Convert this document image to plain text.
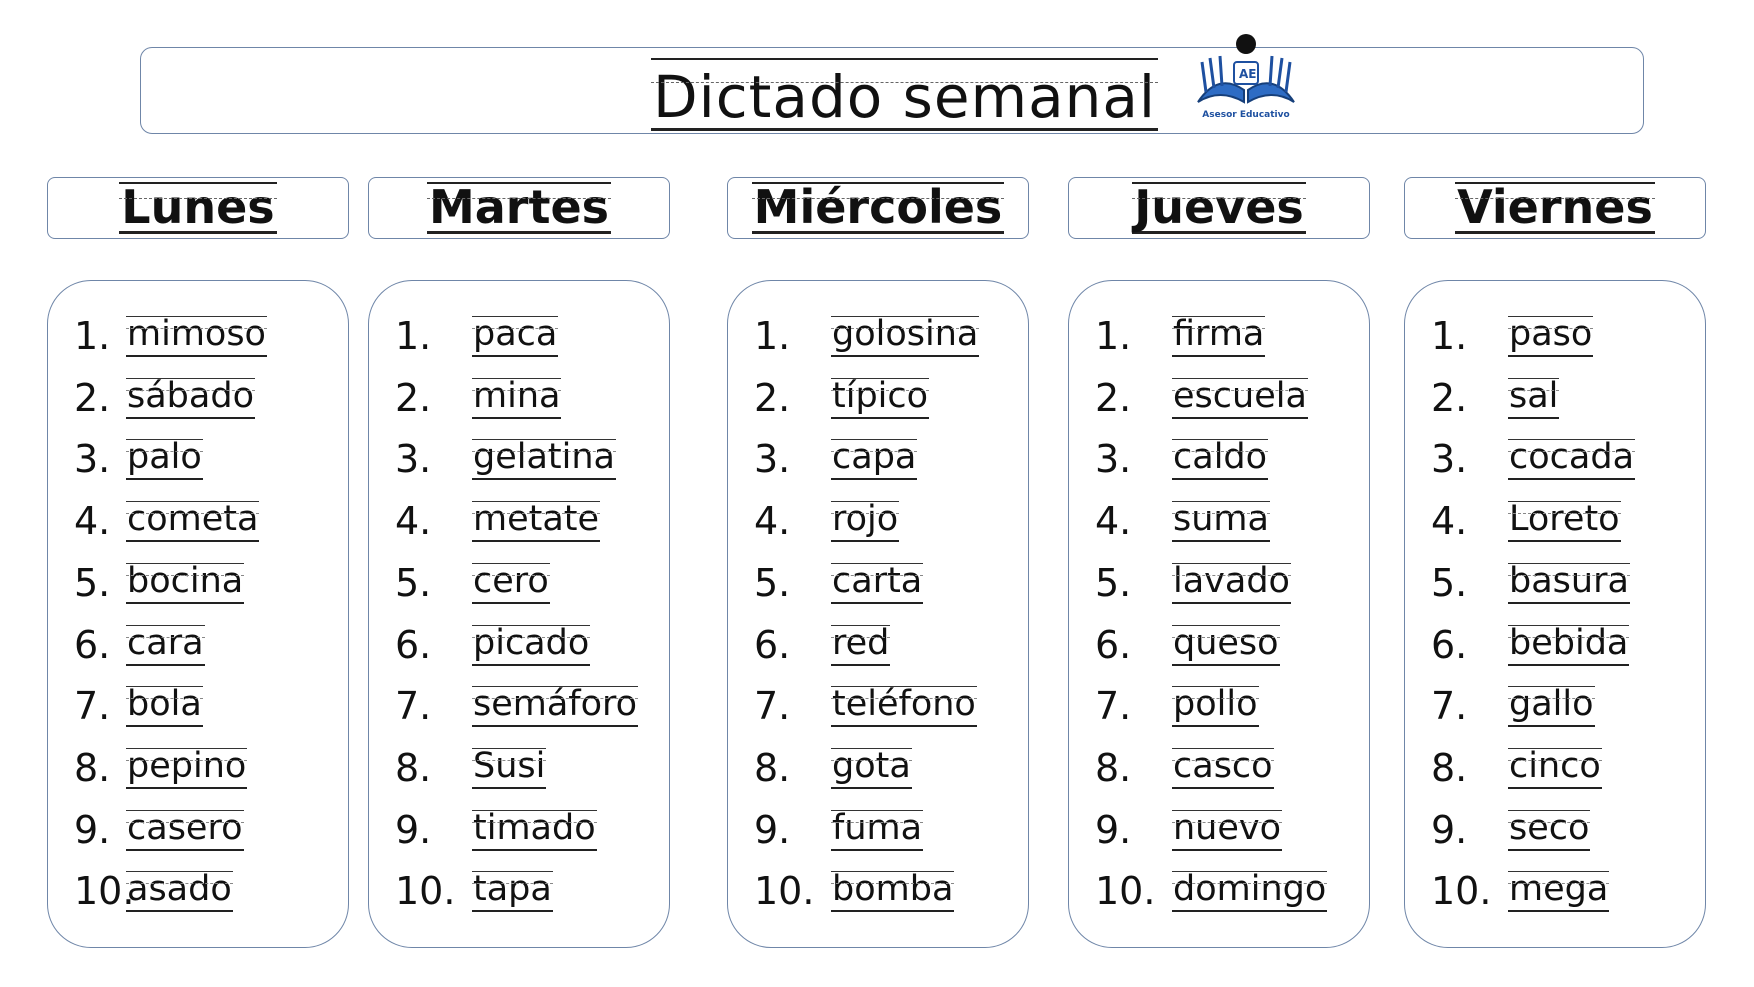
Dictado semanal	AE
Asesor Educativo
Lunes
1. mimoso
2. sábado
3. palo
4. cometa
5. bocina
6. cara
7. bola
8. pepino
9. casero
10.
asado
Martes
1. paca
2. mina
3. gelatina
4. metate
5. cero
6. picado
7. semáforo
8. Susi
9. timado
10. tapa
Miércoles
1. golosina
2. típico
3. capa
4. rojo
5. carta
6. red
7. teléfono
8. gota
9. fuma
10. bomba
Jueves
1. firma
2. escuela
3. caldo
4. suma
5. lavado
6. queso
7. pollo
8. casco
9. nuevo
10. domingo
Viernes
1. paso
2. sal
3. cocada
4. Loreto
5. basura
6. bebida
7. gallo
8. cinco
9. seco
10. mega
